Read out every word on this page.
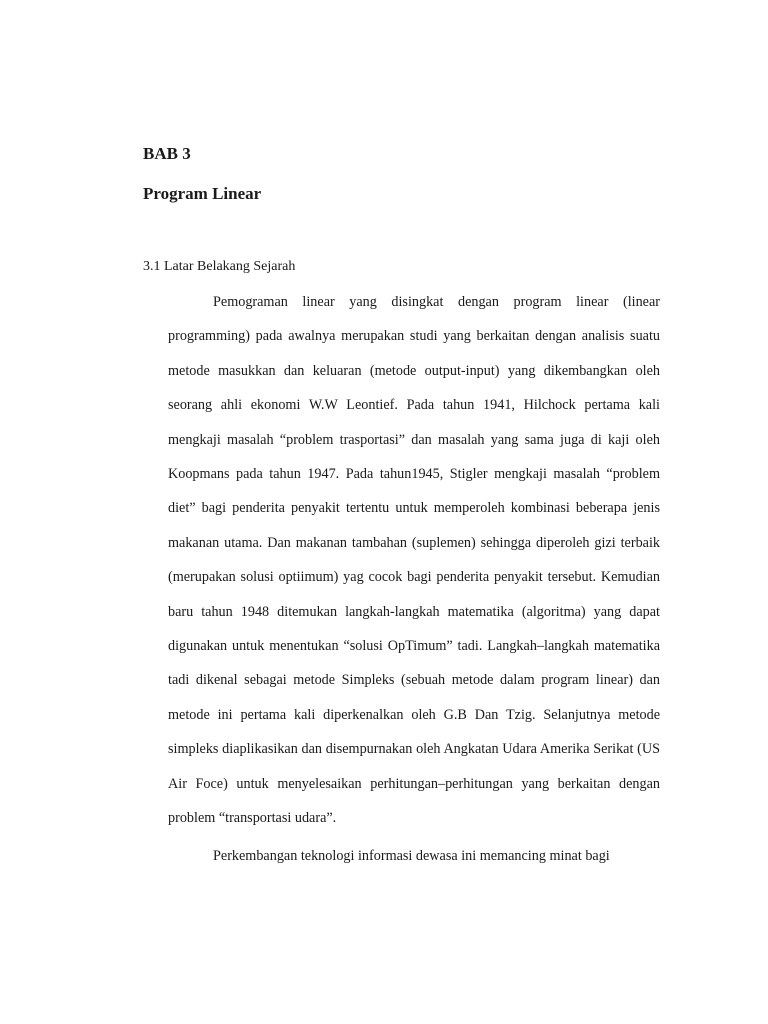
BAB 3
Program Linear
3.1 Latar Belakang Sejarah

Pemograman linear yang disingkat dengan program linear (linear programming) pada awalnya merupakan studi yang berkaitan dengan analisis suatu metode masukkan dan keluaran (metode output-input) yang dikembangkan oleh seorang ahli ekonomi W.W Leontief. Pada tahun 1941, Hilchock pertama kali mengkaji masalah “problem trasportasi” dan masalah yang sama juga di kaji oleh Koopmans pada tahun 1947. Pada tahun1945, Stigler mengkaji masalah “problem diet” bagi penderita penyakit tertentu untuk memperoleh kombinasi beberapa jenis makanan utama. Dan makanan tambahan (suplemen) sehingga diperoleh gizi terbaik (merupakan solusi optiimum) yag cocok bagi penderita penyakit tersebut. Kemudian baru tahun 1948 ditemukan langkah-langkah matematika (algoritma) yang dapat digunakan untuk menentukan “solusi OpTimum” tadi. Langkah–langkah matematika tadi dikenal sebagai metode Simpleks (sebuah metode dalam program linear) dan metode ini pertama kali diperkenalkan oleh G.B Dan Tzig. Selanjutnya metode simpleks diaplikasikan dan disempurnakan oleh Angkatan Udara Amerika Serikat (US Air Foce) untuk menyelesaikan perhitungan–perhitungan yang berkaitan dengan problem “transportasi udara”.

Perkembangan teknologi informasi dewasa ini memancing minat bagi
